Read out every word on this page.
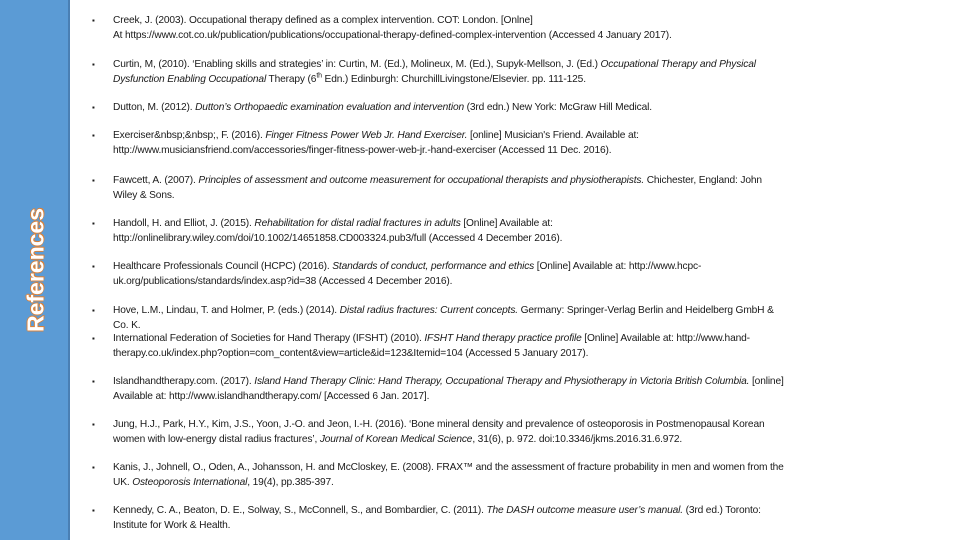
References
▪ Creek, J. (2003). Occupational therapy defined as a complex intervention. COT: London. [Onlne]
At https://www.cot.co.uk/publication/publications/occupational-therapy-defined-complex-intervention (Accessed 4 January 2017).
▪ Curtin, M, (2010). ‘Enabling skills and strategies’ in: Curtin, M. (Ed.), Molineux, M. (Ed.), Supyk-Mellson, J. (Ed.) Occupational Therapy and Physical
Dysfunction Enabling Occupational Therapy (6th Edn.) Edinburgh: ChurchillLivingstone/Elsevier. pp. 111-125.
▪ Dutton, M. (2012). Dutton’s Orthopaedic examination evaluation and intervention (3rd edn.) New York: McGraw Hill Medical.
▪ Exerciser&nbsp;&nbsp;, F. (2016). Finger Fitness Power Web Jr. Hand Exerciser. [online] Musician's Friend. Available at:
http://www.musiciansfriend.com/accessories/finger-fitness-power-web-jr.-hand-exerciser (Accessed 11 Dec. 2016).
▪ Fawcett, A. (2007). Principles of assessment and outcome measurement for occupational therapists and physiotherapists. Chichester, England: John
Wiley & Sons.
▪ Handoll, H. and Elliot, J. (2015). Rehabilitation for distal radial fractures in adults [Online] Available at:
http://onlinelibrary.wiley.com/doi/10.1002/14651858.CD003324.pub3/full (Accessed 4 December 2016).
▪ Healthcare Professionals Council (HCPC) (2016). Standards of conduct, performance and ethics [Online] Available at: http://www.hcpc-
uk.org/publications/standards/index.asp?id=38 (Accessed 4 December 2016).
▪ Hove, L.M., Lindau, T. and Holmer, P. (eds.) (2014). Distal radius fractures: Current concepts. Germany: Springer-Verlag Berlin and Heidelberg GmbH &
Co. K.
▪ International Federation of Societies for Hand Therapy (IFSHT) (2010). IFSHT Hand therapy practice profile [Online] Available at: http://www.hand-
therapy.co.uk/index.php?option=com_content&view=article&id=123&Itemid=104 (Accessed 5 January 2017).
▪ Islandhandtherapy.com. (2017). Island Hand Therapy Clinic: Hand Therapy, Occupational Therapy and Physiotherapy in Victoria British Columbia. [online]
Available at: http://www.islandhandtherapy.com/ [Accessed 6 Jan. 2017].
▪ Jung, H.J., Park, H.Y., Kim, J.S., Yoon, J.-O. and Jeon, I.-H. (2016). ‘Bone mineral density and prevalence of osteoporosis in Postmenopausal Korean
women with low-energy distal radius fractures’, Journal of Korean Medical Science, 31(6), p. 972. doi:10.3346/jkms.2016.31.6.972.
▪ Kanis, J., Johnell, O., Oden, A., Johansson, H. and McCloskey, E. (2008). FRAX™ and the assessment of fracture probability in men and women from the
UK. Osteoporosis International, 19(4), pp.385-397.
▪ Kennedy, C. A., Beaton, D. E., Solway, S., McConnell, S., and Bombardier, C. (2011). The DASH outcome measure user’s manual. (3rd ed.) Toronto:
Institute for Work & Health.
